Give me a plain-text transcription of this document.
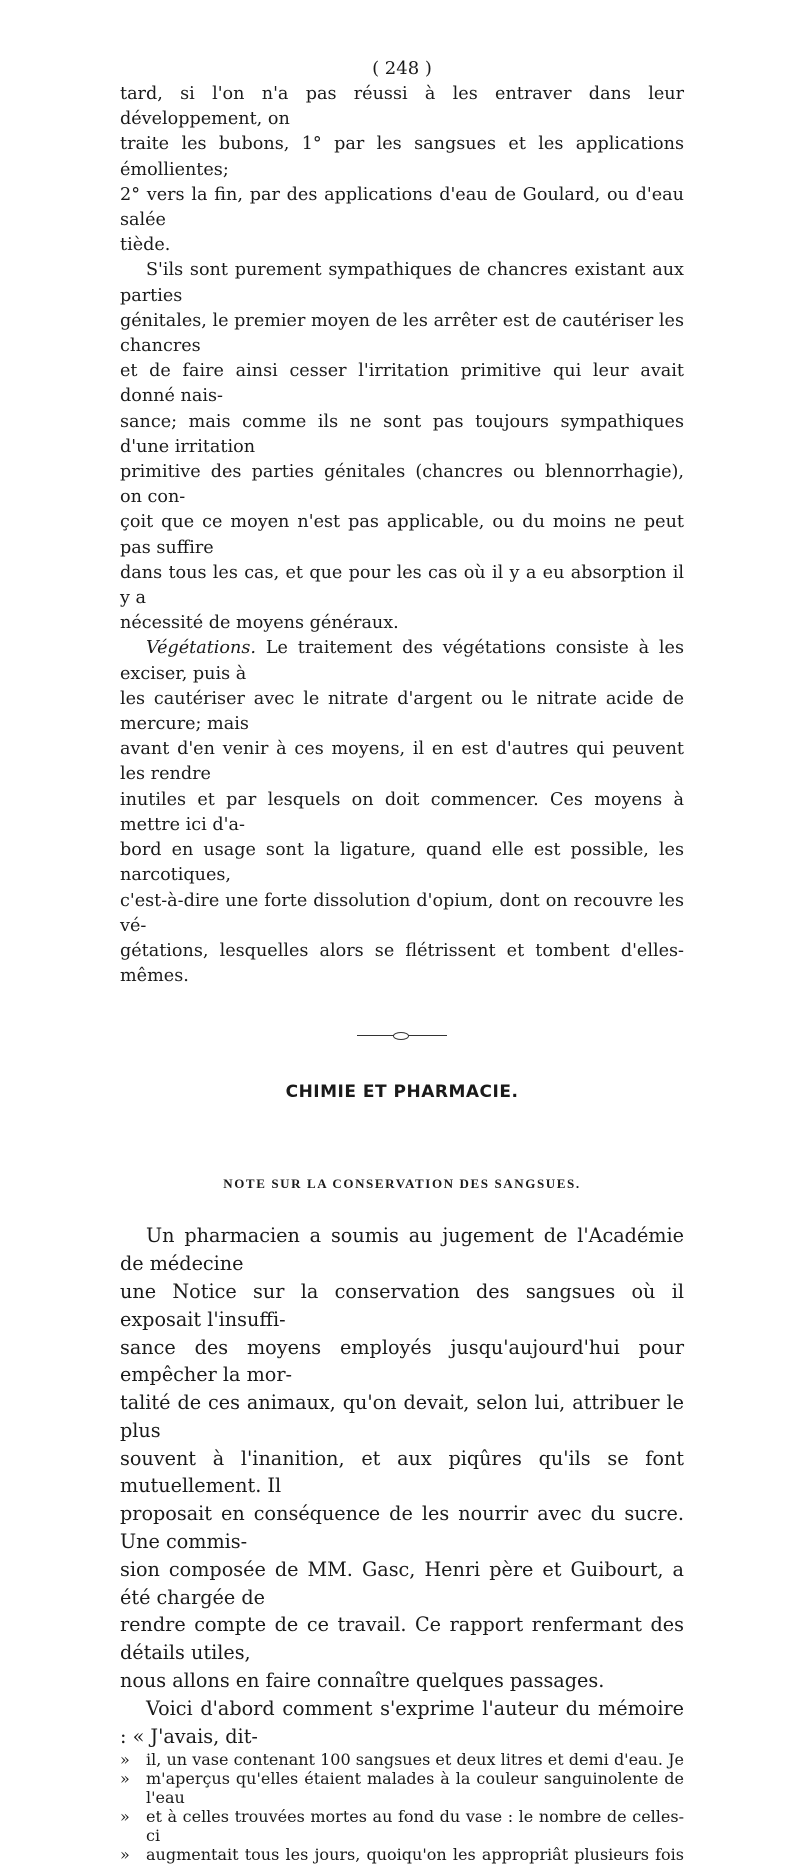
( 248 )

tard, si l'on n'a pas réussi à les entraver dans leur développement, on

traite les bubons, 1° par les sangsues et les applications émollientes;

2° vers la fin, par des applications d'eau de Goulard, ou d'eau salée

tiède.

S'ils sont purement sympathiques de chancres existant aux parties

génitales, le premier moyen de les arrêter est de cautériser les chancres

et de faire ainsi cesser l'irritation primitive qui leur avait donné nais-

sance; mais comme ils ne sont pas toujours sympathiques d'une irritation

primitive des parties génitales (chancres ou blennorrhagie), on con-

çoit que ce moyen n'est pas applicable, ou du moins ne peut pas suffire

dans tous les cas, et que pour les cas où il y a eu absorption il y a

nécessité de moyens généraux.

Végétations. Le traitement des végétations consiste à les exciser, puis à

les cautériser avec le nitrate d'argent ou le nitrate acide de mercure; mais

avant d'en venir à ces moyens, il en est d'autres qui peuvent les rendre

inutiles et par lesquels on doit commencer. Ces moyens à mettre ici d'a-

bord en usage sont la ligature, quand elle est possible, les narcotiques,

c'est-à-dire une forte dissolution d'opium, dont on recouvre les vé-

gétations, lesquelles alors se flétrissent et tombent d'elles-mêmes.

CHIMIE ET PHARMACIE.
NOTE SUR LA CONSERVATION DES SANGSUES.

Un pharmacien a soumis au jugement de l'Académie de médecine

une Notice sur la conservation des sangsues où il exposait l'insuffi-

sance des moyens employés jusqu'aujourd'hui pour empêcher la mor-

talité de ces animaux, qu'on devait, selon lui, attribuer le plus

souvent à l'inanition, et aux piqûres qu'ils se font mutuellement. Il

proposait en conséquence de les nourrir avec du sucre. Une commis-

sion composée de MM. Gasc, Henri père et Guibourt, a été chargée de

rendre compte de ce travail. Ce rapport renfermant des détails utiles,

nous allons en faire connaître quelques passages.

Voici d'abord comment s'exprime l'auteur du mémoire : « J'avais, dit-

»	il, un vase contenant 100 sangsues et deux litres et demi d'eau. Je
»	m'aperçus qu'elles étaient malades à la couleur sanguinolente de l'eau
»	et à celles trouvées mortes au fond du vase : le nombre de celles-ci
»	augmentait tous les jours, quoiqu'on les appropriât plusieurs fois
